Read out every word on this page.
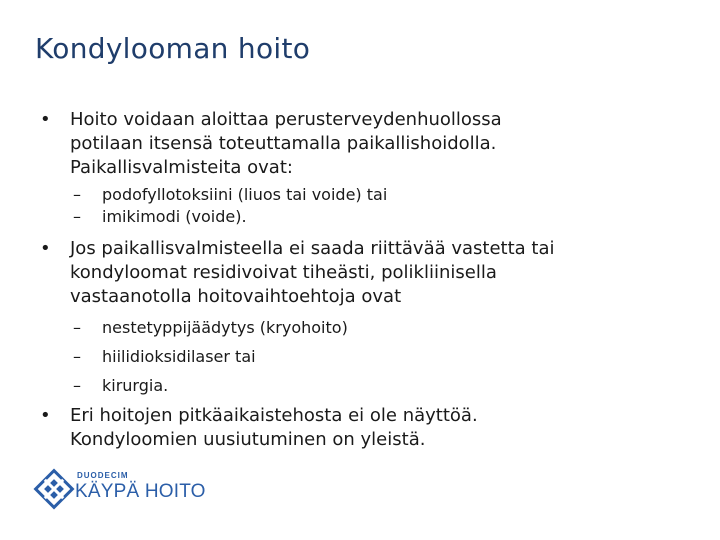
Kondylooman hoito
• Hoito voidaan aloittaa perusterveydenhuollossa
potilaan itsensä toteuttamalla paikallishoidolla.
Paikallisvalmisteita ovat:
– podofyllotoksiini (liuos tai voide) tai
– imikimodi (voide).
• Jos paikallisvalmisteella ei saada riittävää vastetta tai
kondyloomat residivoivat tiheästi, polikliinisella
vastaanotolla hoitovaihtoehtoja ovat
– nestetyppijäädytys (kryohoito)
– hiilidioksidilaser tai
– kirurgia.
• Eri hoitojen pitkäaikaistehosta ei ole näyttöä.
Kondyloomien uusiutuminen on yleistä.
DUODECIM
KÄYPÄ HOITO
